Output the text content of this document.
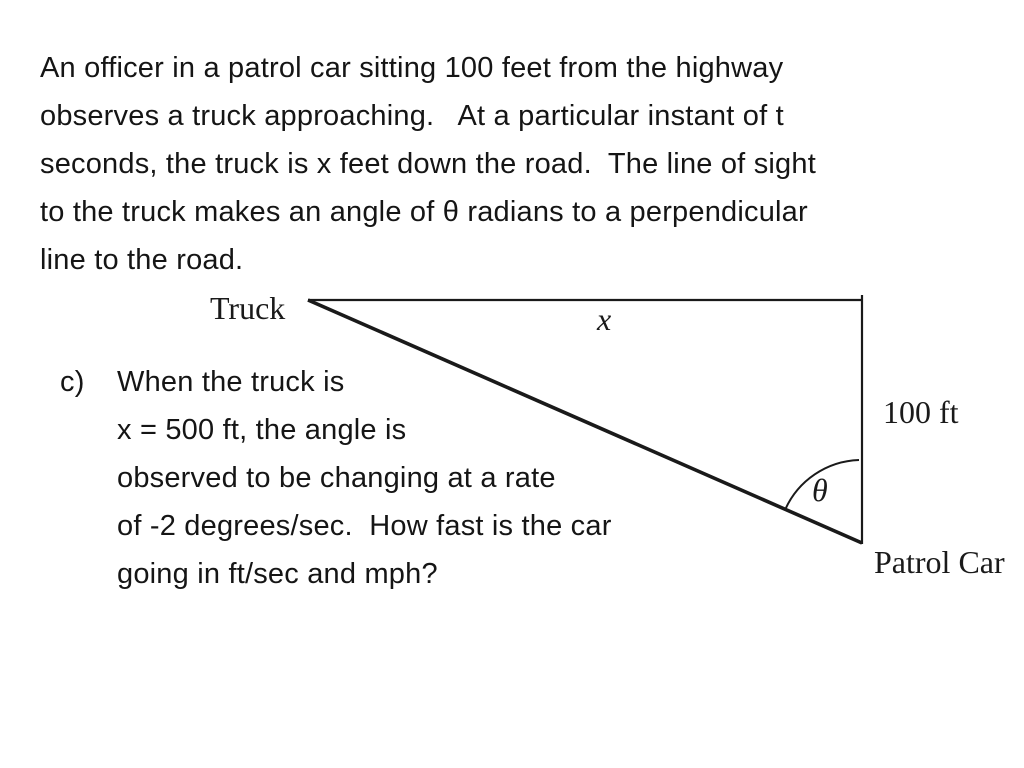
An officer in a patrol car sitting 100 feet from the highway
observes a truck approaching.   At a particular instant of t
seconds, the truck is x feet down the road.  The line of sight
to the truck makes an angle of θ radians to a perpendicular
line to the road.
Truck	x
100 ft
θ
Patrol Car
c)	When the truck is
x = 500 ft, the angle is
observed to be changing at a rate
of -2 degrees/sec.  How fast is the car
going in ft/sec and mph?
